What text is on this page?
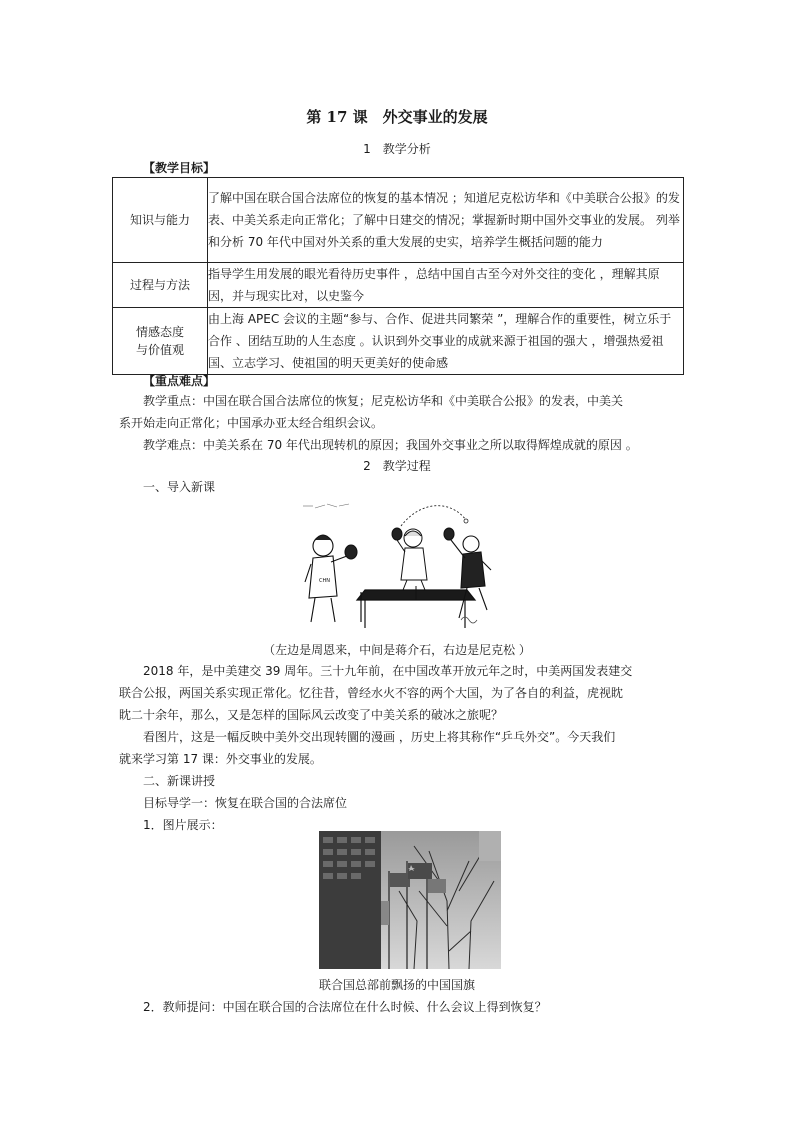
第 17 课　外交事业的发展
1　教学分析
【教学目标】
知识与能力	了解中国在联合国合法席位的恢复的基本情况 ；知道尼克松访华和《中美联合公报》的发表、中美关系走向正常化；了解中日建交的情况；掌握新时期中国外交事业的发展。 列举和分析 70 年代中国对外关系的重大发展的史实，培养学生概括问题的能力
过程与方法	指导学生用发展的眼光看待历史事件 ，总结中国自古至今对外交往的变化 ，理解其原因，并与现实比对，以史鉴今

情感态度
与价值观	由上海 APEC 会议的主题“参与、合作、促进共同繁荣 ”，理解合作的重要性，树立乐于合作 、团结互助的人生态度 。认识到外交事业的成就来源于祖国的强大 ，增强热爱祖国、立志学习、使祖国的明天更美好的使命感
【重点难点】
教学重点：中国在联合国合法席位的恢复；尼克松访华和《中美联合公报》的发表，中美关
系开始走向正常化；中国承办亚太经合组织会议。
教学难点：中美关系在 70 年代出现转机的原因；我国外交事业之所以取得辉煌成就的原因 。
2　教学过程
一、导入新课
CHN
（左边是周恩来，中间是蒋介石，右边是尼克松 ）
2018 年，是中美建交 39 周年。三十九年前，在中国改革开放元年之时，中美两国发表建交
联合公报，两国关系实现正常化。忆往昔，曾经水火不容的两个大国，为了各自的利益，虎视眈
眈二十余年，那么，又是怎样的国际风云改变了中美关系的破冰之旅呢？
看图片，这是一幅反映中美外交出现转圜的漫画 ，历史上将其称作“乒乓外交”。今天我们
就来学习第 17 课：外交事业的发展。
二、新课讲授
目标导学一：恢复在联合国的合法席位
1．图片展示：
联合国总部前飘扬的中国国旗
2．教师提问：中国在联合国的合法席位在什么时候、什么会议上得到恢复？
